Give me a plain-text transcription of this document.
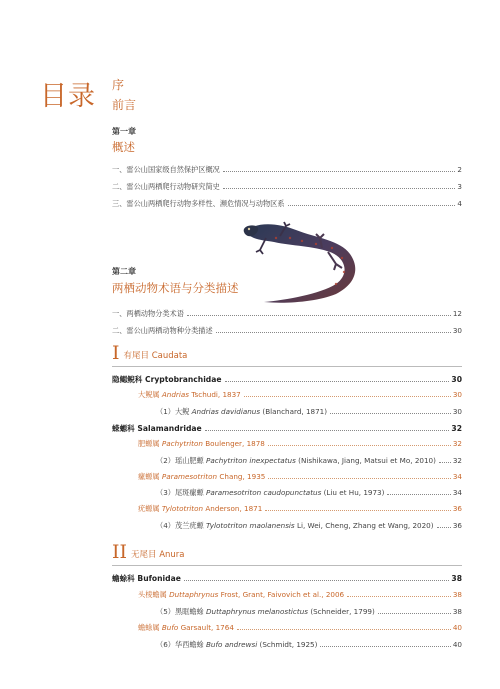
目录 序
前言
第一章
概述
一、雷公山国家级自然保护区概况	2
二、雷公山两栖爬行动物研究简史	3
三、雷公山两栖爬行动物多样性、濒危情况与动物区系	4
第二章
两栖动物术语与分类描述
一、两栖动物分类术语	12
二、雷公山两栖动物种分类描述	30
I 有尾目 Caudata
隐鳃鲵科 Cryptobranchidae	30
大鲵属 Andrias Tschudi, 1837	30
（1）大鲵 Andrias davidianus (Blanchard, 1871)	30
蝾螈科 Salamandridae	32
肥螈属 Pachytriton Boulenger, 1878	32
（2）瑶山肥螈 Pachytriton inexpectatus (Nishikawa, Jiang, Matsui et Mo, 2010) 32
瘰螈属 Paramesotriton Chang, 1935	34
（3）尾斑瘰螈 Paramesotriton caudopunctatus (Liu et Hu, 1973)	34
疣螈属 Tylototriton Anderson, 1871	36
（4）茂兰疣螈 Tylototriton maolanensis Li, Wei, Cheng, Zhang et Wang, 2020)	36
II 无尾目 Anura
蟾蜍科 Bufonidae	38
头棱蟾属 Duttaphrynus Frost, Grant, Faivovich et al., 2006	38
（5）黑眶蟾蜍 Duttaphrynus melanostictus (Schneider, 1799)	38
蟾蜍属 Bufo Garsault, 1764	40
（6）华西蟾蜍 Bufo andrewsi (Schmidt, 1925)	40
